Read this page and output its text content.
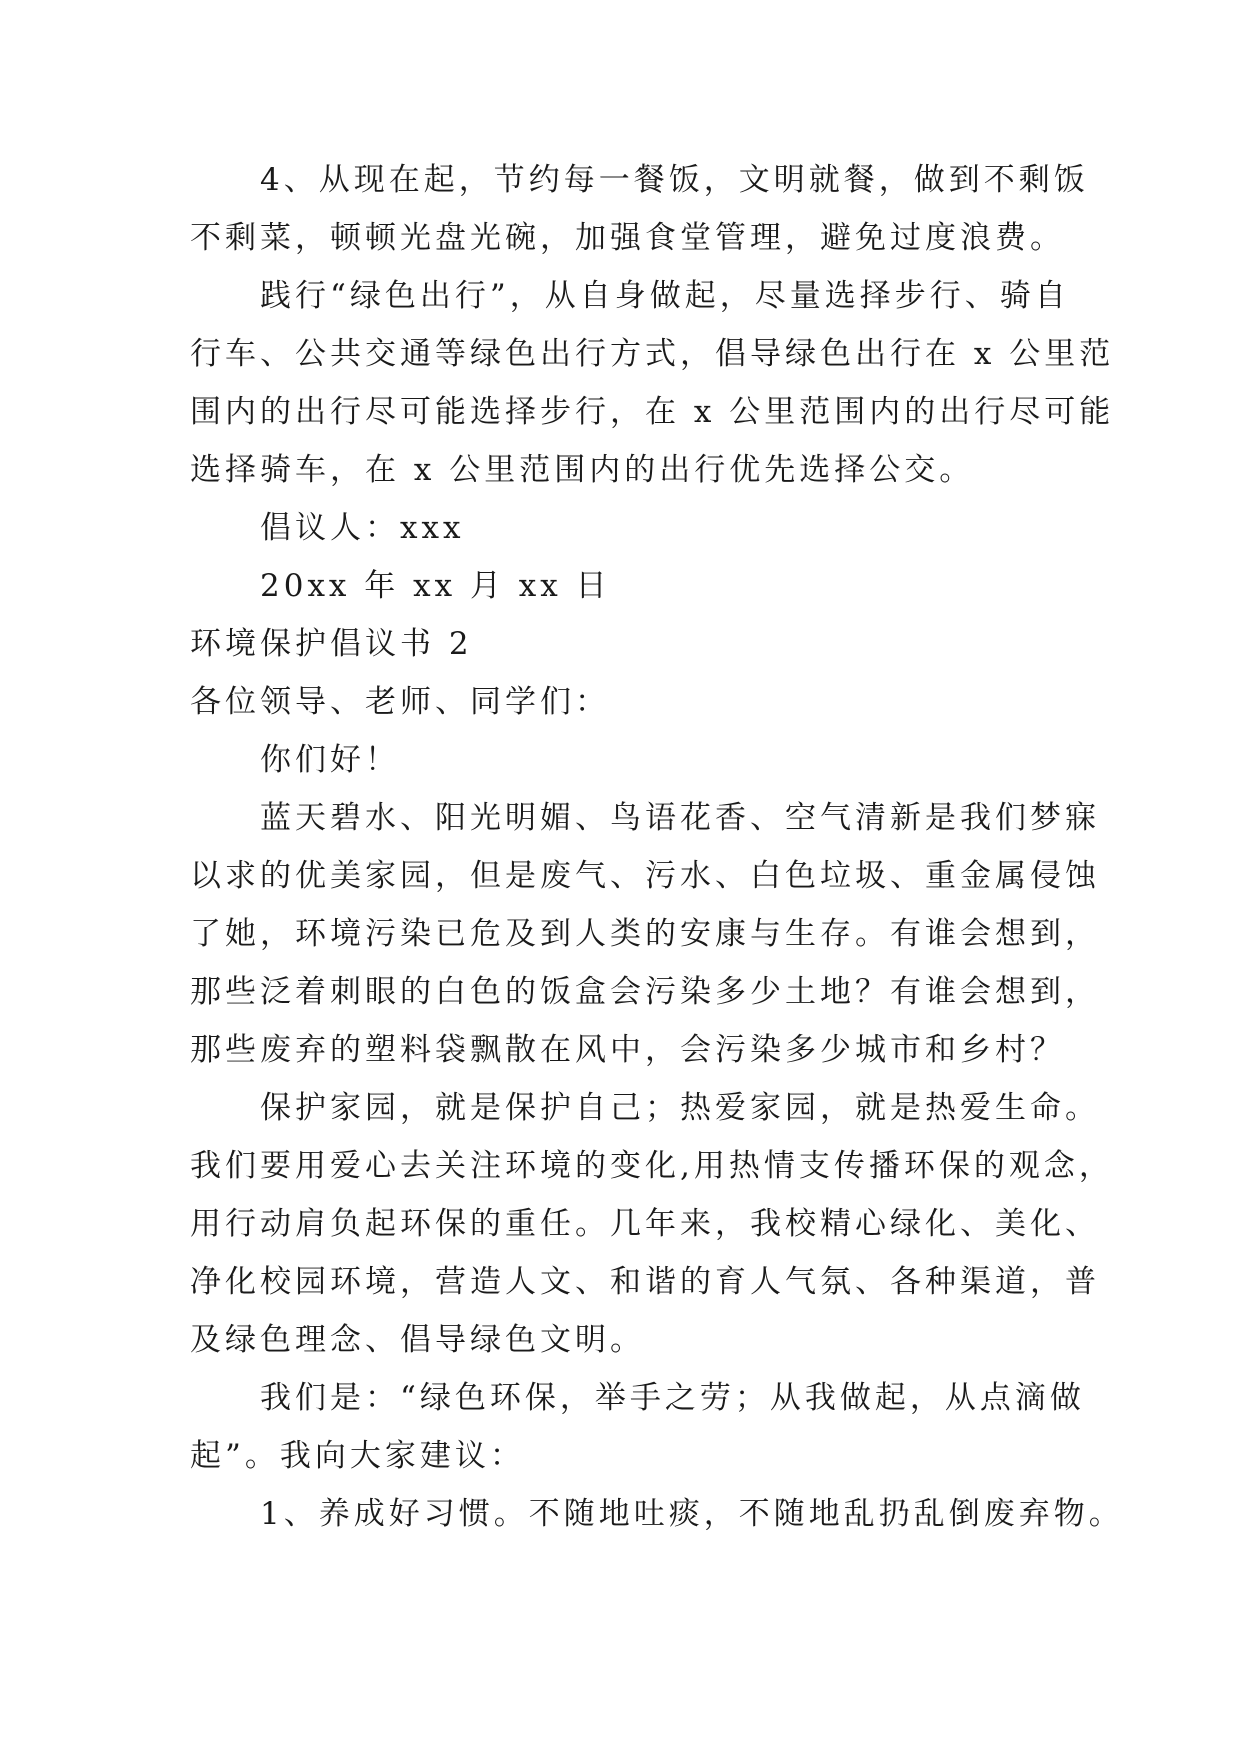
　　4、从现在起，节约每一餐饭，文明就餐，做到不剩饭
不剩菜，顿顿光盘光碗，加强食堂管理，避免过度浪费。
　　践行“绿色出行”，从自身做起，尽量选择步行、骑自
行车、公共交通等绿色出行方式，倡导绿色出行在 x 公里范
围内的出行尽可能选择步行，在 x 公里范围内的出行尽可能
选择骑车，在 x 公里范围内的出行优先选择公交。
　　倡议人：xxx
　　20xx 年 xx 月 xx 日
环境保护倡议书 2
各位领导、老师、同学们：
　　你们好！
　　蓝天碧水、阳光明媚、鸟语花香、空气清新是我们梦寐
以求的优美家园，但是废气、污水、白色垃圾、重金属侵蚀
了她，环境污染已危及到人类的安康与生存。有谁会想到，
那些泛着刺眼的白色的饭盒会污染多少土地？有谁会想到，
那些废弃的塑料袋飘散在风中，会污染多少城市和乡村？
　　保护家园，就是保护自己；热爱家园，就是热爱生命。
我们要用爱心去关注环境的变化,用热情支传播环保的观念，
用行动肩负起环保的重任。几年来，我校精心绿化、美化、
净化校园环境，营造人文、和谐的育人气氛、各种渠道，普
及绿色理念、倡导绿色文明。
　　我们是：“绿色环保，举手之劳；从我做起，从点滴做
起”。我向大家建议：
　　1、养成好习惯。不随地吐痰，不随地乱扔乱倒废弃物。
